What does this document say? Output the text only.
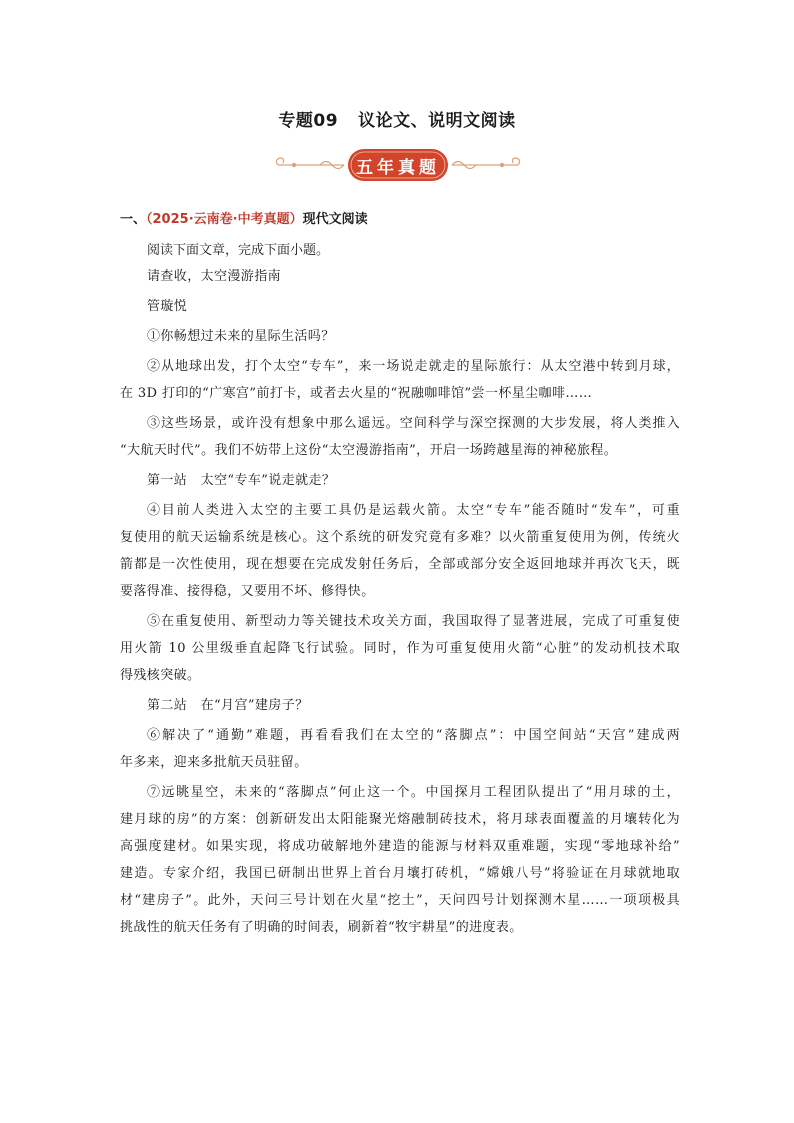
专题09 议论文、说明文阅读
五年真题
一、（2025·云南卷·中考真题）现代文阅读
阅读下面文章，完成下面小题。

请查收，太空漫游指南

管璇悦

①你畅想过未来的星际生活吗？

②从地球出发，打个太空“专车”，来一场说走就走的星际旅行：从太空港中转到月球，
在 3D 打印的“广寒宫”前打卡，或者去火星的“祝融咖啡馆”尝一杯星尘咖啡……

③这些场景，或许没有想象中那么遥远。空间科学与深空探测的大步发展，将人类推入
“大航天时代”。我们不妨带上这份“太空漫游指南”，开启一场跨越星海的神秘旅程。

第一站　太空“专车”说走就走？

④目前人类进入太空的主要工具仍是运载火箭。太空“专车”能否随时“发车”，可重
复使用的航天运输系统是核心。这个系统的研发究竟有多难？以火箭重复使用为例，传统火
箭都是一次性使用，现在想要在完成发射任务后，全部或部分安全返回地球并再次飞天，既
要落得准、接得稳，又要用不坏、修得快。

⑤在重复使用、新型动力等关键技术攻关方面，我国取得了显著进展，完成了可重复使
用火箭 10 公里级垂直起降飞行试验。同时，作为可重复使用火箭“心脏”的发动机技术取
得残核突破。

第二站　在“月宫”建房子？

⑥解决了“通勤”难题，再看看我们在太空的“落脚点”：中国空间站“天宫”建成两
年多来，迎来多批航天员驻留。

⑦远眺星空，未来的“落脚点”何止这一个。中国探月工程团队提出了“用月球的土，
建月球的房”的方案：创新研发出太阳能聚光熔融制砖技术，将月球表面覆盖的月壤转化为
高强度建材。如果实现，将成功破解地外建造的能源与材料双重难题，实现“零地球补给”
建造。专家介绍，我国已研制出世界上首台月壤打砖机，“嫦娥八号”将验证在月球就地取
材“建房子”。此外，天问三号计划在火星“挖土”，天问四号计划探测木星……一项项极具
挑战性的航天任务有了明确的时间表，刷新着“牧宇耕星”的进度表。
